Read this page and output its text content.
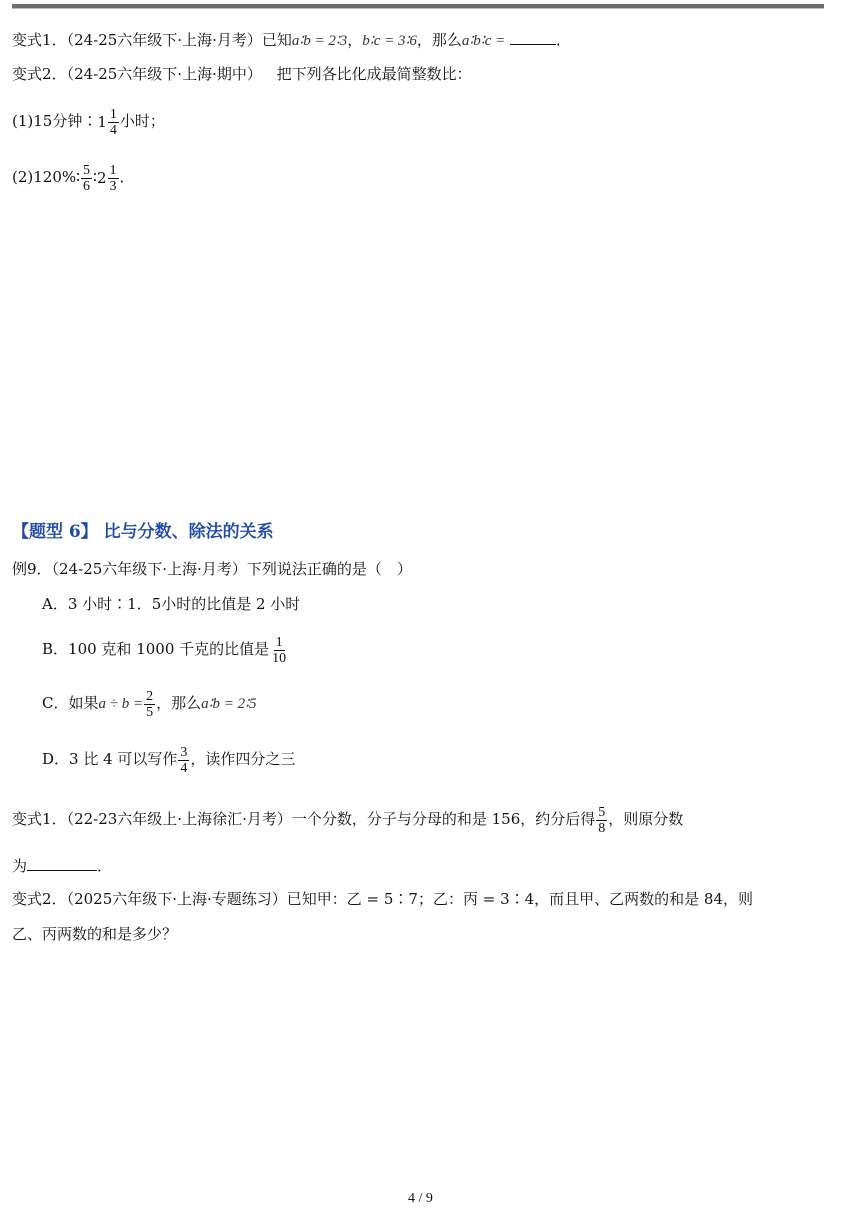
变式1．（24-25六年级下·上海·月考）已知a∶b = 2∶3，b∶c = 3∶6，那么a∶b∶c =	．
变式2．（24-25六年级下·上海·期中） 把下列各比化成最简整数比：
(1)15分钟∶ $1 \frac{1}{4}$ 小时；
(2)120%∶ $\frac{5}{6}$ ∶ $2 \frac{1}{3}$ ．
【题型 6】 比与分数、除法的关系
例9．（24-25六年级下·上海·月考）下列说法正确的是（　）
A．3 小时∶1．5小时的比值是 2 小时
B．100 克和 1000 千克的比值是 $\frac{1}{10}$
C．如果$a \div b = \frac{2}{5}$ ，那么a∶b = 2∶5
D．3 比 4 可以写作 $\frac{3}{4}$ ，读作四分之三
变式1．（22-23六年级上·上海徐汇·月考）一个分数，分子与分母的和是 156，约分后得 $\frac{5}{8}$ ，则原分数
为	．
变式2．（2025六年级下·上海·专题练习）已知甲：乙 = 5∶7；乙：丙 = 3∶4，而且甲、乙两数的和是 84，则
乙、丙两数的和是多少？
4 / 9
